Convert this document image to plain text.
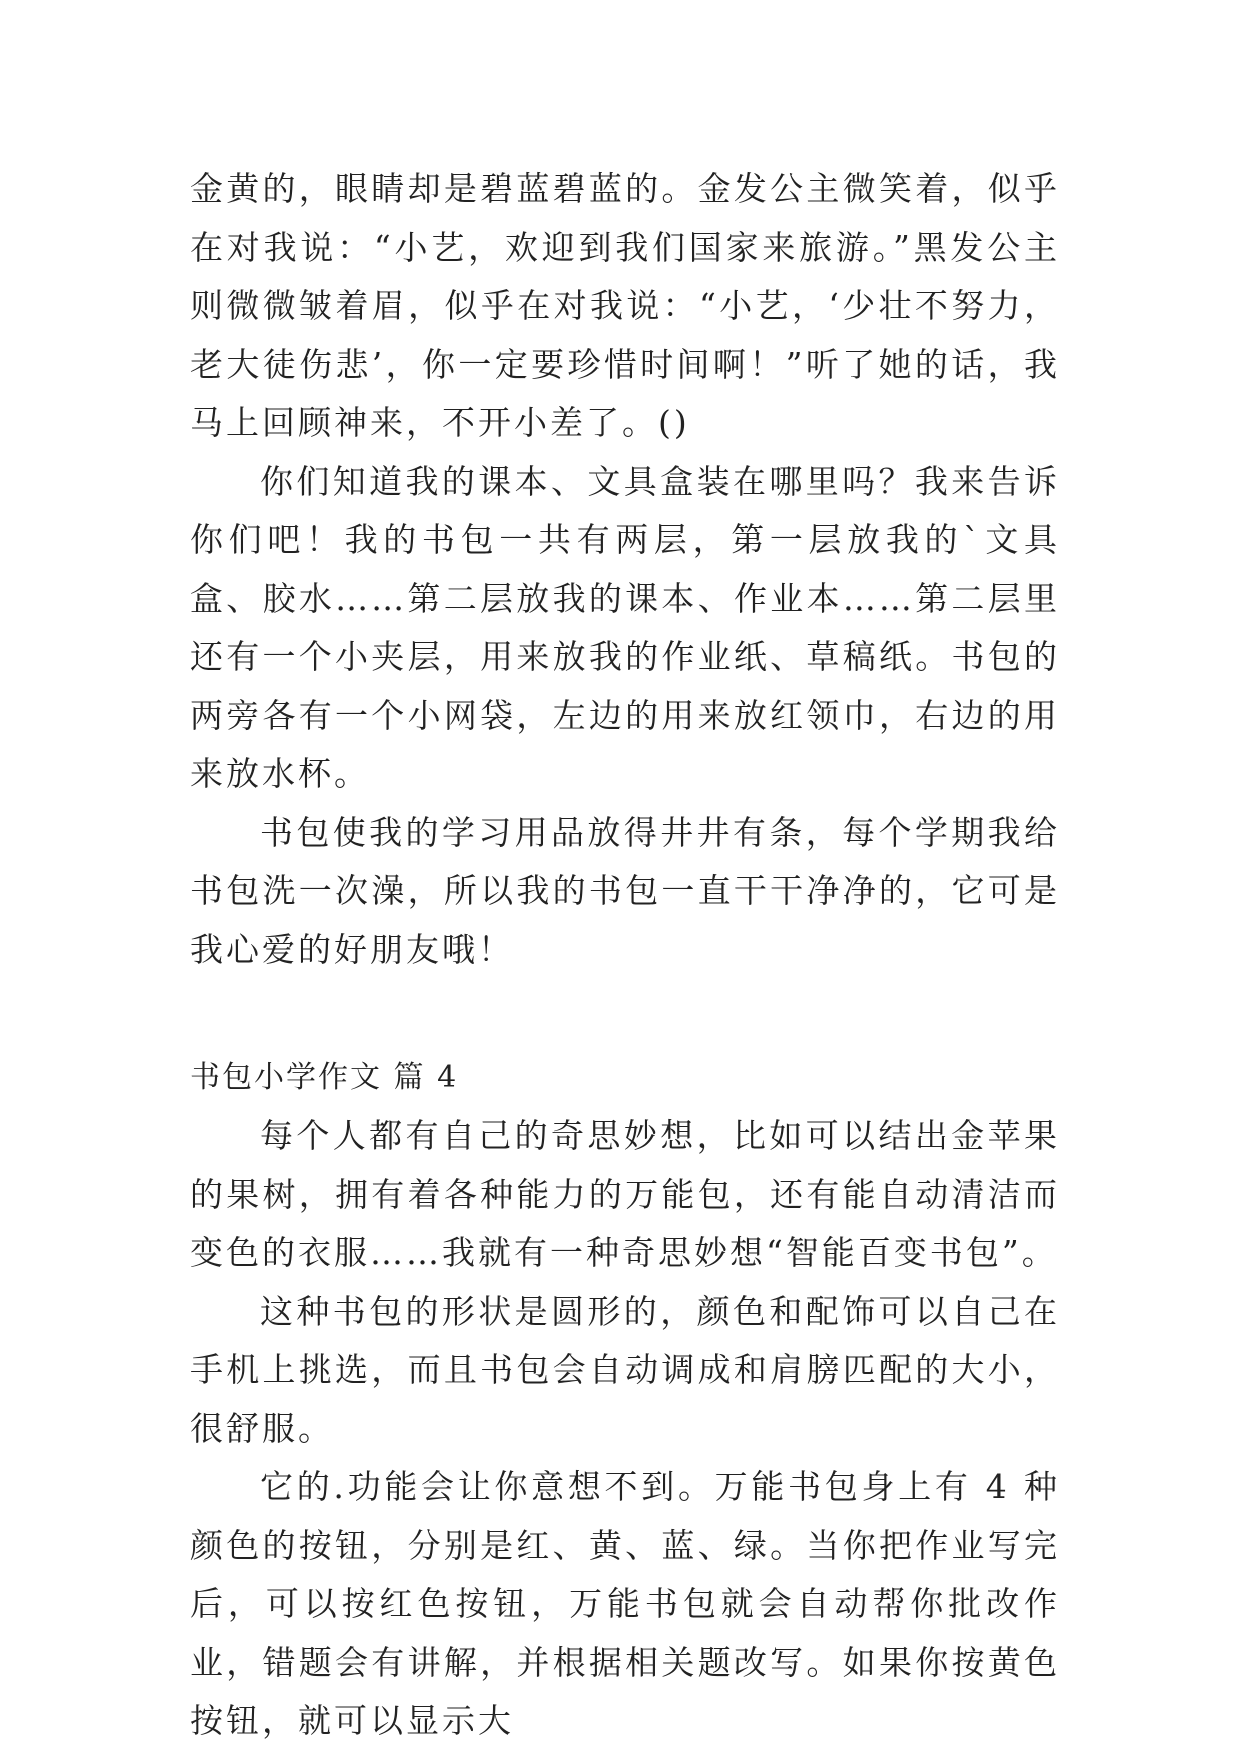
金黄的，眼睛却是碧蓝碧蓝的。金发公主微笑着，似乎在对我说：“小艺，欢迎到我们国家来旅游。”黑发公主则微微皱着眉，似乎在对我说：“小艺，‘少壮不努力，老大徒伤悲’，你一定要珍惜时间啊！”听了她的话，我马上回顾神来，不开小差了。()

你们知道我的课本、文具盒装在哪里吗？我来告诉你们吧！我的书包一共有两层，第一层放我的`文具盒、胶水……第二层放我的课本、作业本……第二层里还有一个小夹层，用来放我的作业纸、草稿纸。书包的两旁各有一个小网袋，左边的用来放红领巾，右边的用来放水杯。

书包使我的学习用品放得井井有条，每个学期我给书包洗一次澡，所以我的书包一直干干净净的，它可是我心爱的好朋友哦！

书包小学作文 篇 4

每个人都有自己的奇思妙想，比如可以结出金苹果的果树，拥有着各种能力的万能包，还有能自动清洁而变色的衣服……我就有一种奇思妙想“智能百变书包”。

这种书包的形状是圆形的，颜色和配饰可以自己在手机上挑选，而且书包会自动调成和肩膀匹配的大小，很舒服。

它的.功能会让你意想不到。万能书包身上有 4 种颜色的按钮，分别是红、黄、蓝、绿。当你把作业写完后，可以按红色按钮，万能书包就会自动帮你批改作业，错题会有讲解，并根据相关题改写。如果你按黄色按钮，就可以显示大
